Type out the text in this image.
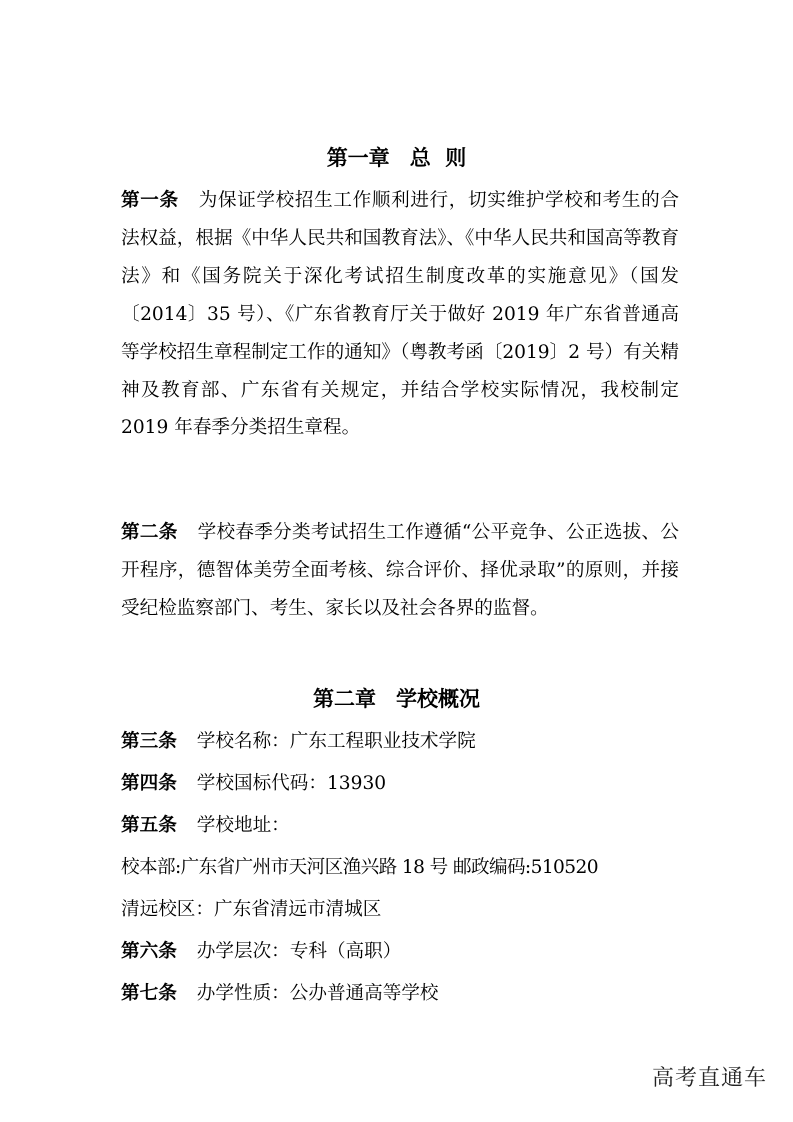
第一章 总  则

第一条 为保证学校招生工作顺利进行，切实维护学校和考生的合法权益，根据《中华人民共和国教育法》、《中华人民共和国高等教育法》和《国务院关于深化考试招生制度改革的实施意见》（国发〔2014〕35 号）、《广东省教育厅关于做好 2019 年广东省普通高等学校招生章程制定工作的通知》（粤教考函〔2019〕2 号）有关精神及教育部、广东省有关规定，并结合学校实际情况，我校制定 2019 年春季分类招生章程。

第二条 学校春季分类考试招生工作遵循“公平竞争、公正选拔、公开程序，德智体美劳全面考核、综合评价、择优录取”的原则，并接受纪检监察部门、考生、家长以及社会各界的监督。

第二章 学校概况

第三条 学校名称：广东工程职业技术学院

第四条 学校国标代码：13930

第五条 学校地址：

校本部:广东省广州市天河区渔兴路 18 号 邮政编码:510520

清远校区：广东省清远市清城区

第六条 办学层次：专科（高职）

第七条 办学性质：公办普通高等学校

高考直通车
